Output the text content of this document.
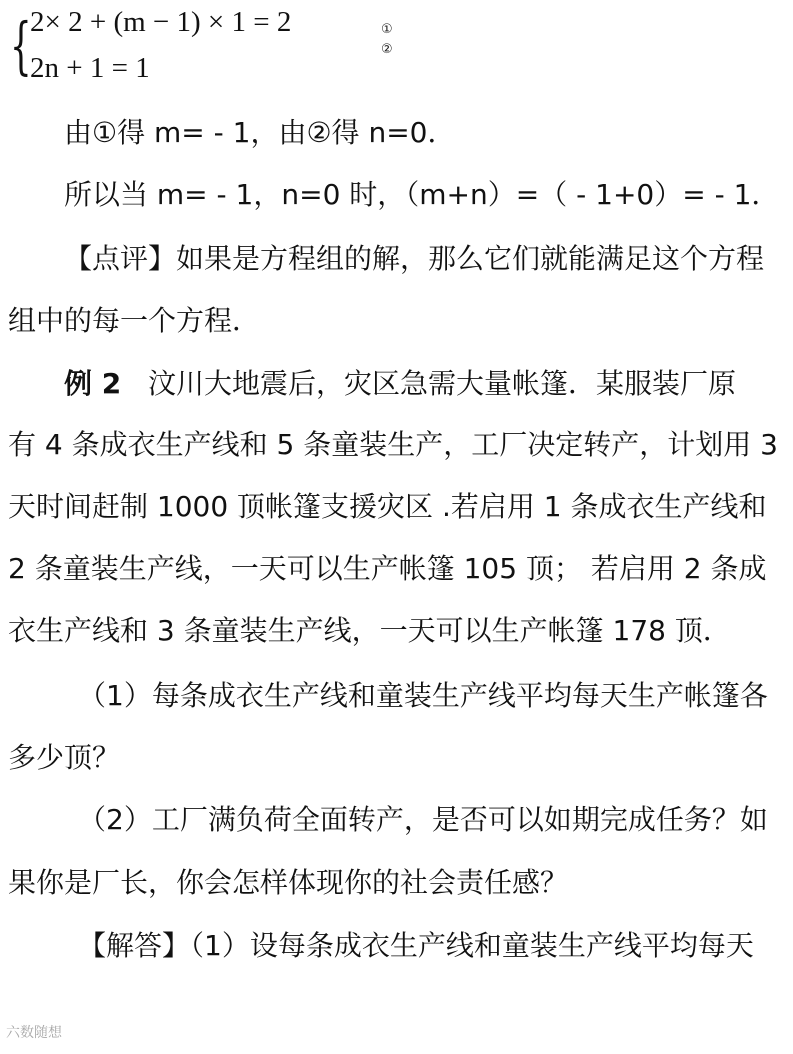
{
2× 2 + (m − 1) × 1 = 2
2n + 1 = 1
①
②
由①得 m= ‐ 1，由②得 n=0．
所以当 m= ‐ 1，n=0 时，（m+n）=（ ‐ 1+0）= ‐ 1．
【点评】如果是方程组的解，那么它们就能满足这个方程
组中的每一个方程．
例 2 汶川大地震后，灾区急需大量帐篷．某服装厂原
有 4 条成衣生产线和 5 条童装生产，工厂决定转产，计划用 3
天时间赶制 1000 顶帐篷支援灾区 .若启用 1 条成衣生产线和
2 条童装生产线，一天可以生产帐篷 105 顶； 若启用 2 条成
衣生产线和 3 条童装生产线，一天可以生产帐篷 178 顶．
（1）每条成衣生产线和童装生产线平均每天生产帐篷各
多少顶？
（2）工厂满负荷全面转产，是否可以如期完成任务？如
果你是厂长，你会怎样体现你的社会责任感？
【解答】（1）设每条成衣生产线和童装生产线平均每天
六数随想
